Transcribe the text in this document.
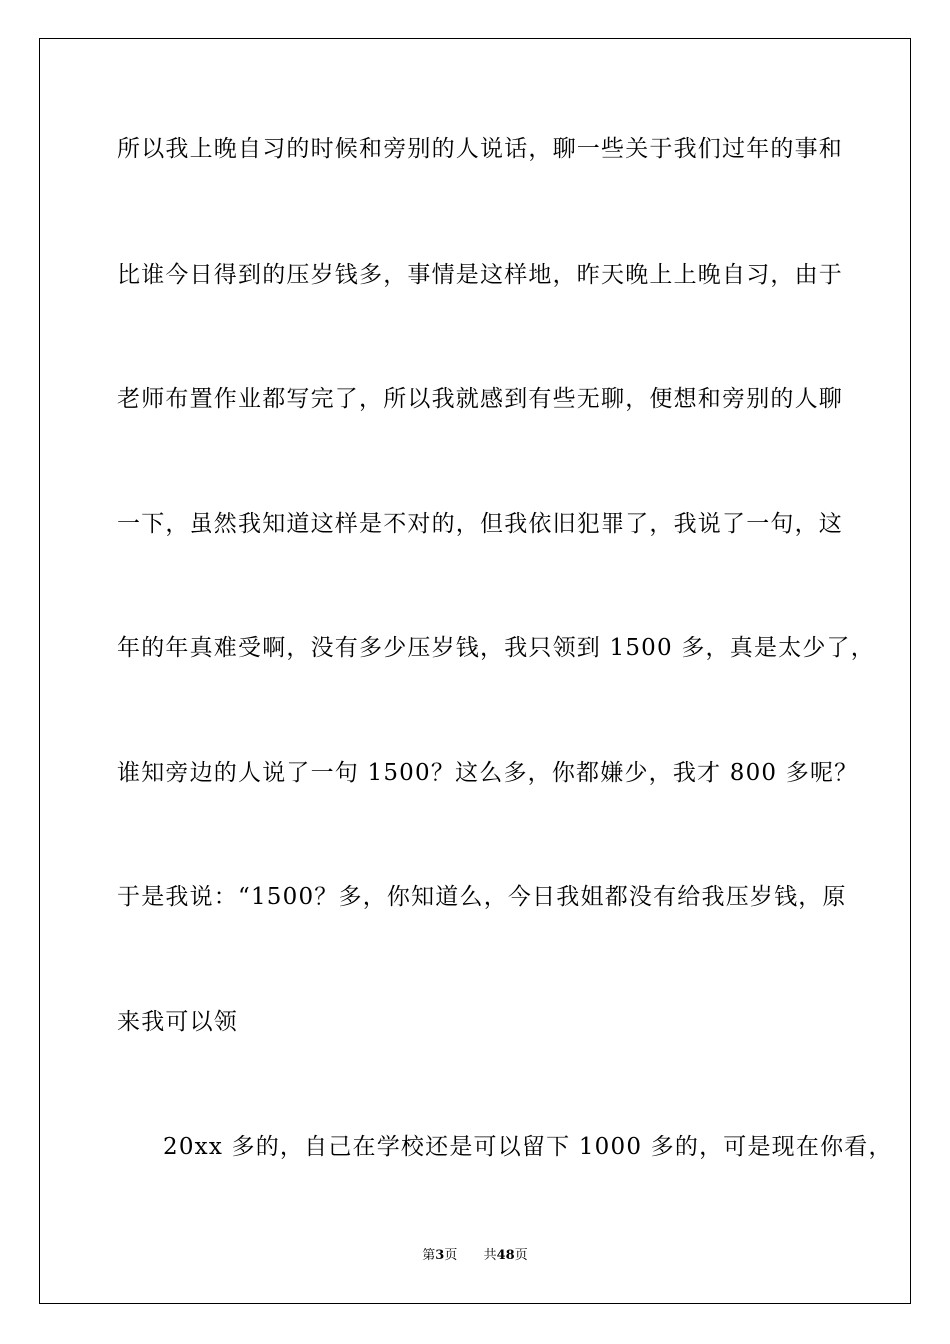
所以我上晚自习的时候和旁别的人说话，聊一些关于我们过年的事和

比谁今日得到的压岁钱多，事情是这样地，昨天晚上上晚自习，由于

老师布置作业都写完了，所以我就感到有些无聊，便想和旁别的人聊

一下，虽然我知道这样是不对的，但我依旧犯罪了，我说了一句，这

年的年真难受啊，没有多少压岁钱，我只领到 1500 多，真是太少了，

谁知旁边的人说了一句 1500？这么多，你都嫌少，我才 800 多呢？

于是我说：“1500？多，你知道么，今日我姐都没有给我压岁钱，原

来我可以领

20xx 多的，自己在学校还是可以留下 1000 多的，可是现在你看，

第3页 共48页
